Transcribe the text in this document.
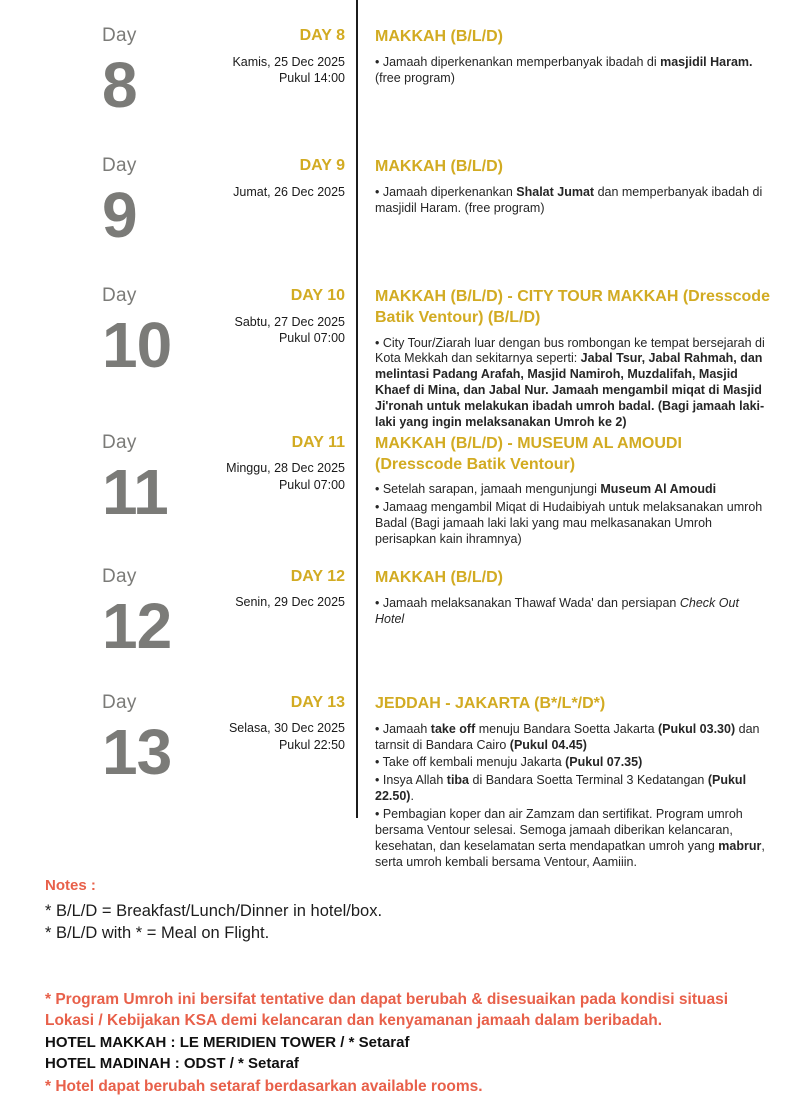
Day
8
DAY 8
Kamis, 25 Dec 2025
Pukul 14:00
MAKKAH (B/L/D)

• Jamaah diperkenankan memperbanyak ibadah di masjidil Haram. (free program)

Day
9
DAY 9
Jumat, 26 Dec 2025
MAKKAH (B/L/D)

• Jamaah diperkenankan Shalat Jumat dan memperbanyak ibadah di masjidil Haram. (free program)

Day
10
DAY 10
Sabtu, 27 Dec 2025
Pukul 07:00
MAKKAH (B/L/D) - CITY TOUR MAKKAH (Dresscode Batik Ventour) (B/L/D)

• City Tour/Ziarah luar dengan bus rombongan ke tempat bersejarah di Kota Mekkah dan sekitarnya seperti: Jabal Tsur, Jabal Rahmah, dan melintasi Padang Arafah, Masjid Namiroh, Muzdalifah, Masjid Khaef di Mina, dan Jabal Nur. Jamaah mengambil miqat di Masjid Ji'ronah untuk melakukan ibadah umroh badal. (Bagi jamaah laki-laki yang ingin melaksanakan Umroh ke 2)

Day
11
DAY 11
Minggu, 28 Dec 2025
Pukul 07:00
MAKKAH (B/L/D) - MUSEUM AL AMOUDI (Dresscode Batik Ventour)

• Setelah sarapan, jamaah mengunjungi Museum Al Amoudi

• Jamaag mengambil Miqat di Hudaibiyah untuk melaksanakan umroh Badal (Bagi jamaah laki laki yang mau melkasanakan Umroh perisapkan kain ihramnya)

Day
12
DAY 12
Senin, 29 Dec 2025
MAKKAH (B/L/D)

• Jamaah melaksanakan Thawaf Wada' dan persiapan Check Out Hotel

Day
13
DAY 13
Selasa, 30 Dec 2025
Pukul 22:50
JEDDAH - JAKARTA (B*/L*/D*)

• Jamaah take off menuju Bandara Soetta Jakarta (Pukul 03.30) dan tarnsit di Bandara Cairo (Pukul 04.45)

• Take off kembali menuju Jakarta (Pukul 07.35)

• Insya Allah tiba di Bandara Soetta Terminal 3 Kedatangan (Pukul 22.50).

• Pembagian koper dan air Zamzam dan sertifikat. Program umroh bersama Ventour selesai. Semoga jamaah diberikan kelancaran, kesehatan, dan keselamatan serta mendapatkan umroh yang mabrur, serta umroh kembali bersama Ventour, Aamiiin.

Notes :
* B/L/D = Breakfast/Lunch/Dinner in hotel/box.
* B/L/D with * = Meal on Flight.
* Program Umroh ini bersifat tentative dan dapat berubah & disesuaikan pada kondisi situasi Lokasi / Kebijakan KSA demi kelancaran dan kenyamanan jamaah dalam beribadah.
HOTEL MAKKAH : LE MERIDIEN TOWER / * Setaraf
HOTEL MADINAH : ODST / * Setaraf
* Hotel dapat berubah setaraf berdasarkan available rooms.
